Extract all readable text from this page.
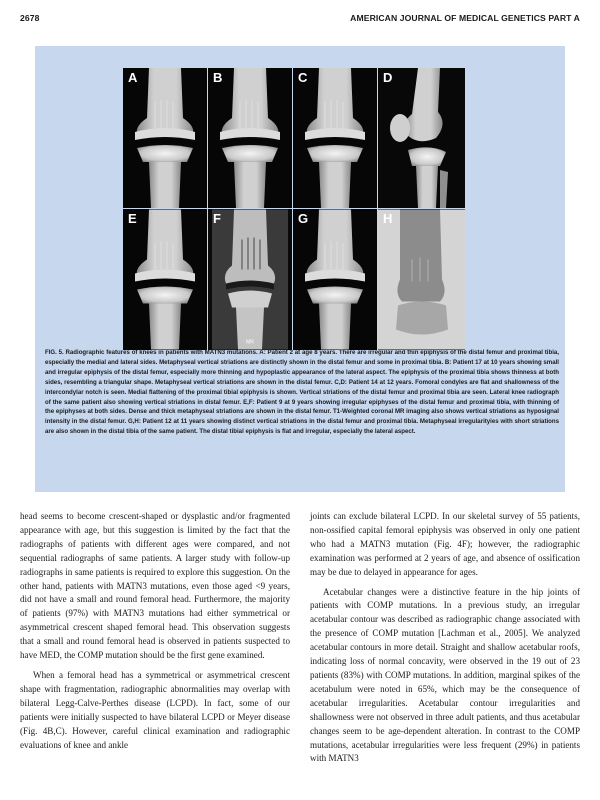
2678	AMERICAN JOURNAL OF MEDICAL GENETICS PART A
A	B	C	D
E
MR
F	G	H
FIG. 5. Radiographic features of knees in patients with MATN3 mutations. A: Patient 2 at age 8 years. There are irregular and thin epiphysis of the distal femur and proximal tibia, especially the medial and lateral sides. Metaphyseal vertical striations are distinctly shown in the distal femur and some in proximal tibia. B: Patient 17 at 10 years showing small and irregular epiphysis of the distal femur, especially more thinning and hypoplastic appearance of the lateral aspect. The epiphysis of the proximal tibia shows thinness at both sides, resembling a triangular shape. Metaphyseal vertical striations are shown in the distal femur. C,D: Patient 14 at 12 years. Fomoral condyles are flat and shallowness of the intercondylar notch is seen. Medial flattening of the proximal tibial epiphysis is shown. Vertical striations of the distal femur and proximal tibia are seen. Lateral knee radiograph of the same patient also showing vertical striations in distal femur. E,F: Patient 9 at 9 years showing irregular epiphyses of the distal femur and proximal tibia, with thinning of the epiphyses at both sides. Dense and thick metaphyseal striations are shown in the distal femur. T1-Weighted coronal MR imaging also shows vertical striations as hyposignal intensity in the distal femur. G,H: Patient 12 at 11 years showing distinct vertical striations in the distal femur and proximal tibia. Metaphyseal irregularityies with short striations are also shown in the distal tibia of the same patient. The distal tibial epiphysis is flat and irregular, especially the lateral aspect.

head seems to become crescent-shaped or dysplastic and/or fragmented appearance with age, but this suggestion is limited by the fact that the radiographs of patients with different ages were compared, and not sequential radiographs of same patients. A larger study with follow-up radiographs in same patients is required to explore this suggestion. On the other hand, patients with MATN3 mutations, even those aged <9 years, did not have a small and round femoral head. Furthermore, the majority of patients (97%) with MATN3 mutations had either symmetrical or asymmetrical crescent shaped femoral head. This observation suggests that a small and round femoral head is observed in patients suspected to have MED, the COMP mutation should be the first gene examined.

When a femoral head has a symmetrical or asymmetrical crescent shape with fragmentation, radiographic abnormalities may overlap with bilateral Legg-Calve-Perthes disease (LCPD). In fact, some of our patients were initially suspected to have bilateral LCPD or Meyer disease (Fig. 4B,C). However, careful clinical examination and radiographic evaluations of knee and ankle

joints can exclude bilateral LCPD. In our skeletal survey of 55 patients, non-ossified capital femoral epiphysis was observed in only one patient who had a MATN3 mutation (Fig. 4F); however, the radiographic examination was performed at 2 years of age, and absence of ossification may be due to delayed in appearance for ages.

Acetabular changes were a distinctive feature in the hip joints of patients with COMP mutations. In a previous study, an irregular acetabular contour was described as radiographic change associated with the presence of COMP mutation [Lachman et al., 2005]. We analyzed acetabular contours in more detail. Straight and shallow acetabular roofs, indicating loss of normal concavity, were observed in the 19 out of 23 patients (83%) with COMP mutations. In addition, marginal spikes of the acetabulum were noted in 65%, which may be the consequence of acetabular irregularities. Acetabular contour irregularities and shallowness were not observed in three adult patients, and thus acetabular changes seem to be age-dependent alteration. In contrast to the COMP mutations, acetabular irregularities were less frequent (29%) in patients with MATN3
